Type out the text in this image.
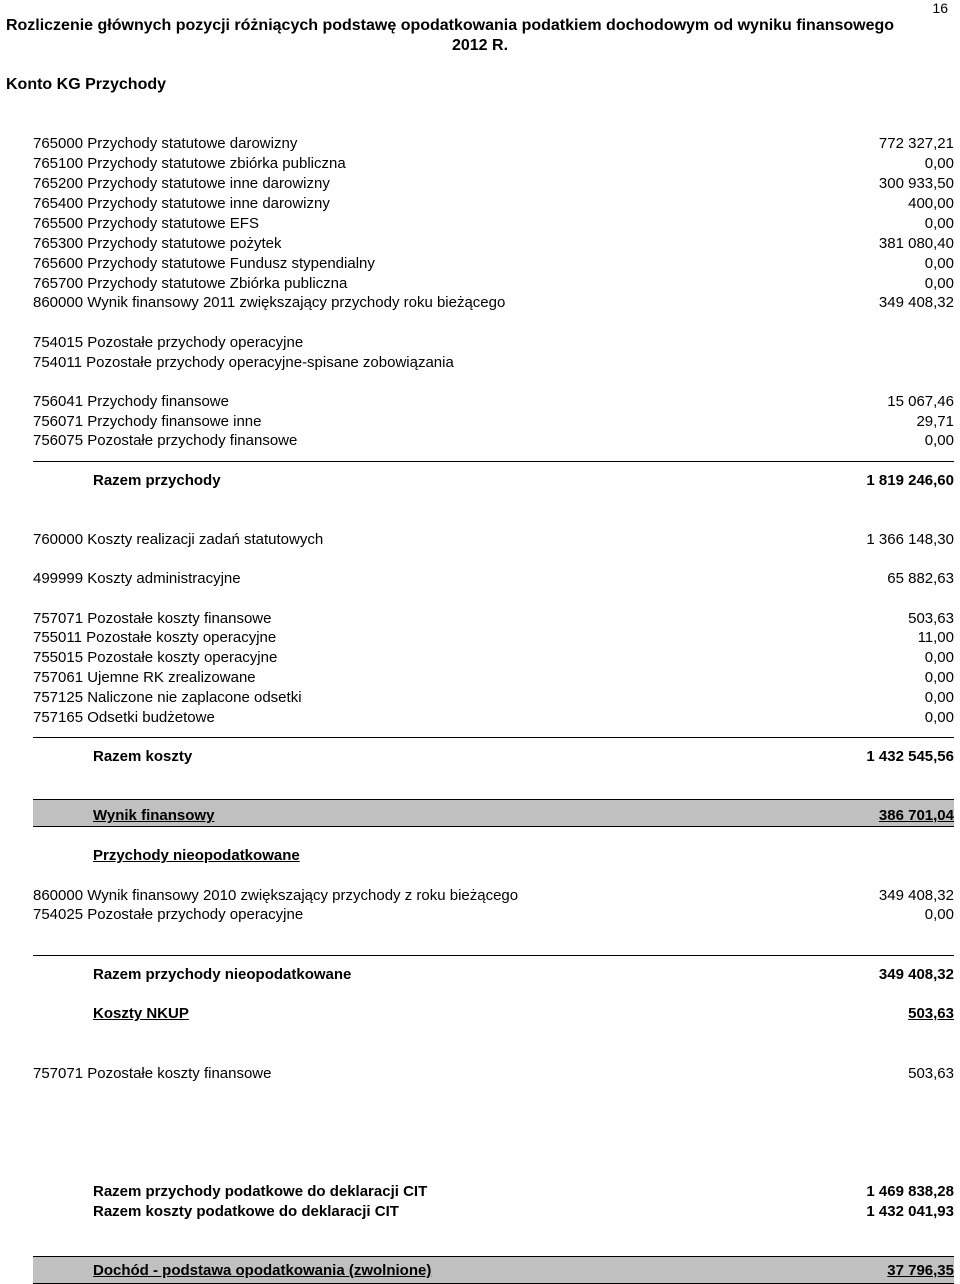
16
Rozliczenie głównych pozycji różniących podstawę opodatkowania podatkiem dochodowym od wyniku finansowego
2012 R.
Konto KG Przychody
765000 Przychody statutowe darowizny	772 327,21
765100 Przychody statutowe zbiórka publiczna	0,00
765200 Przychody statutowe inne darowizny	300 933,50
765400 Przychody statutowe inne darowizny	400,00
765500 Przychody statutowe EFS	0,00
765300 Przychody statutowe pożytek	381 080,40
765600 Przychody statutowe Fundusz stypendialny	0,00
765700 Przychody statutowe Zbiórka publiczna	0,00
860000 Wynik finansowy 2011 zwiększający przychody roku bieżącego	349 408,32
754015 Pozostałe przychody operacyjne
754011 Pozostałe przychody operacyjne-spisane zobowiązania
756041 Przychody finansowe	15 067,46
756071 Przychody finansowe inne	29,71
756075 Pozostałe przychody finansowe	0,00
Razem przychody	1 819 246,60
760000 Koszty realizacji zadań statutowych	1 366 148,30
499999 Koszty administracyjne	65 882,63
757071 Pozostałe koszty finansowe	503,63
755011 Pozostałe koszty operacyjne	11,00
755015 Pozostałe koszty operacyjne	0,00
757061 Ujemne RK zrealizowane	0,00
757125 Naliczone nie zaplacone odsetki	0,00
757165 Odsetki budżetowe	0,00
Razem koszty	1 432 545,56
Wynik finansowy	386 701,04
Przychody nieopodatkowane
860000 Wynik finansowy 2010 zwiększający przychody z roku bieżącego	349 408,32
754025 Pozostałe przychody operacyjne	0,00
Razem przychody nieopodatkowane	349 408,32
Koszty NKUP	503,63
757071 Pozostałe koszty finansowe	503,63
Razem przychody podatkowe do deklaracji CIT	1 469 838,28
Razem koszty podatkowe do deklaracji CIT	1 432 041,93
Dochód - podstawa opodatkowania (zwolnione)	37 796,35
